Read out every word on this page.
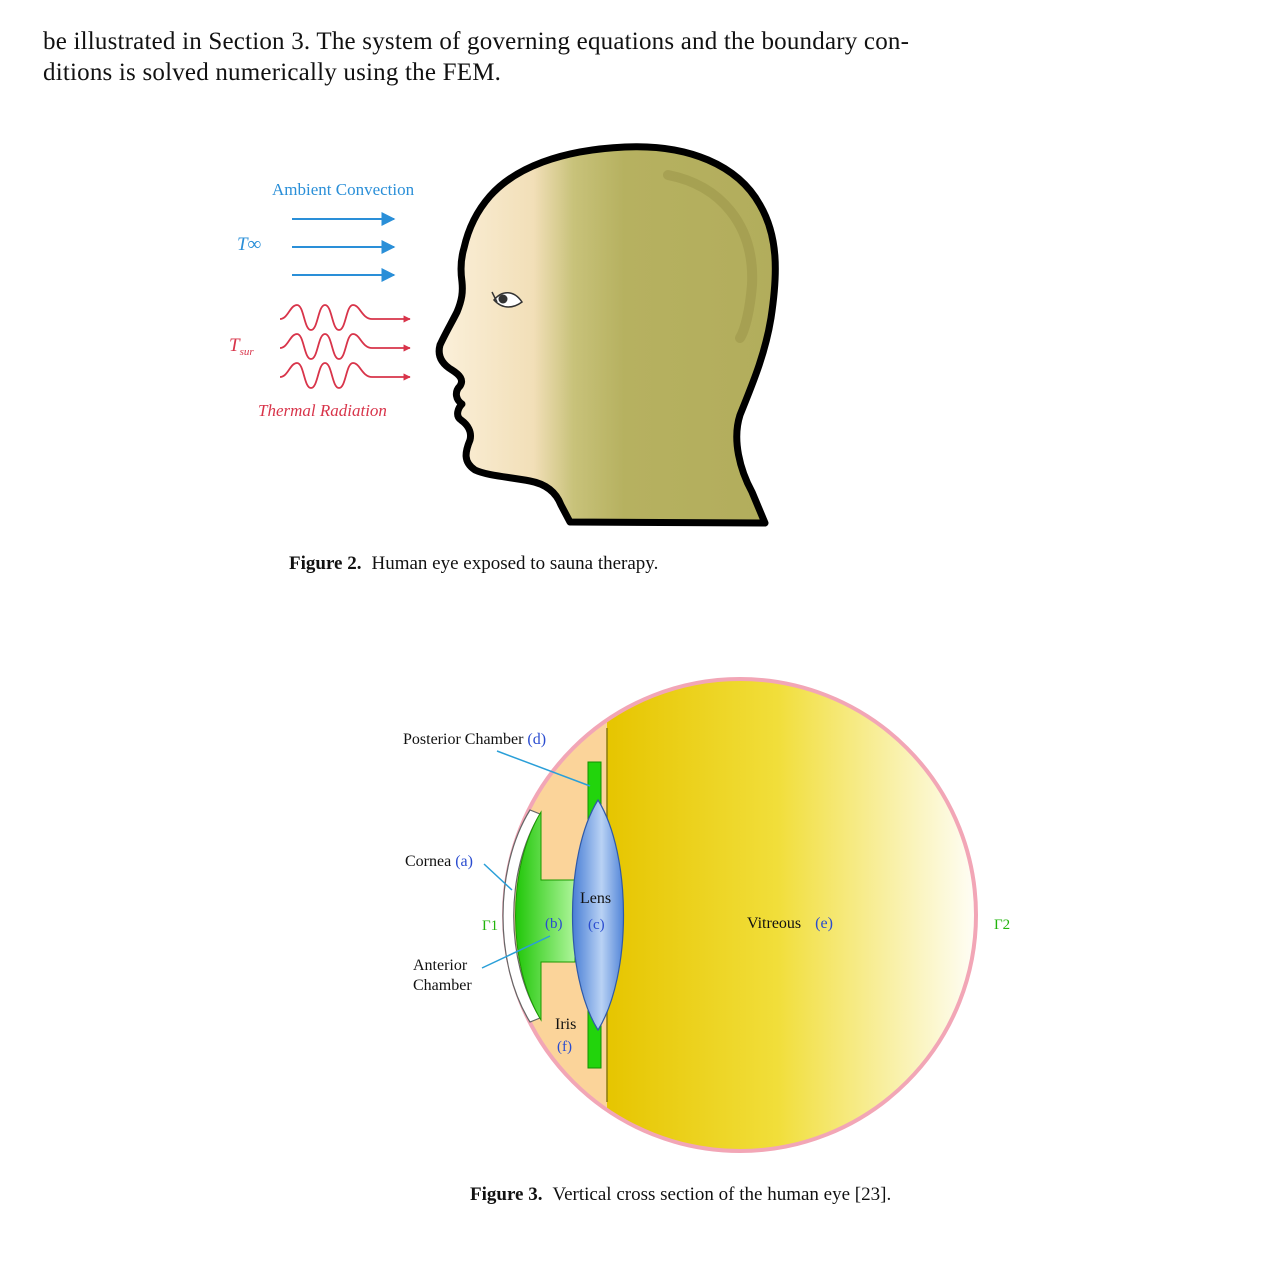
be illustrated in Section 3. The system of governing equations and the boundary con-
ditions is solved numerically using the FEM.
Ambient Convection
T∞
$T_{sur}$
Thermal Radiation
Figure 2. Human eye exposed to sauna therapy.
Posterior Chamber (d)
Cornea (a)
Γ1	(b)
Anterior
Chamber
Lens
(c)
Iris
(f)
Vitreous (e)	Γ2
Figure 3. Vertical cross section of the human eye [23].
